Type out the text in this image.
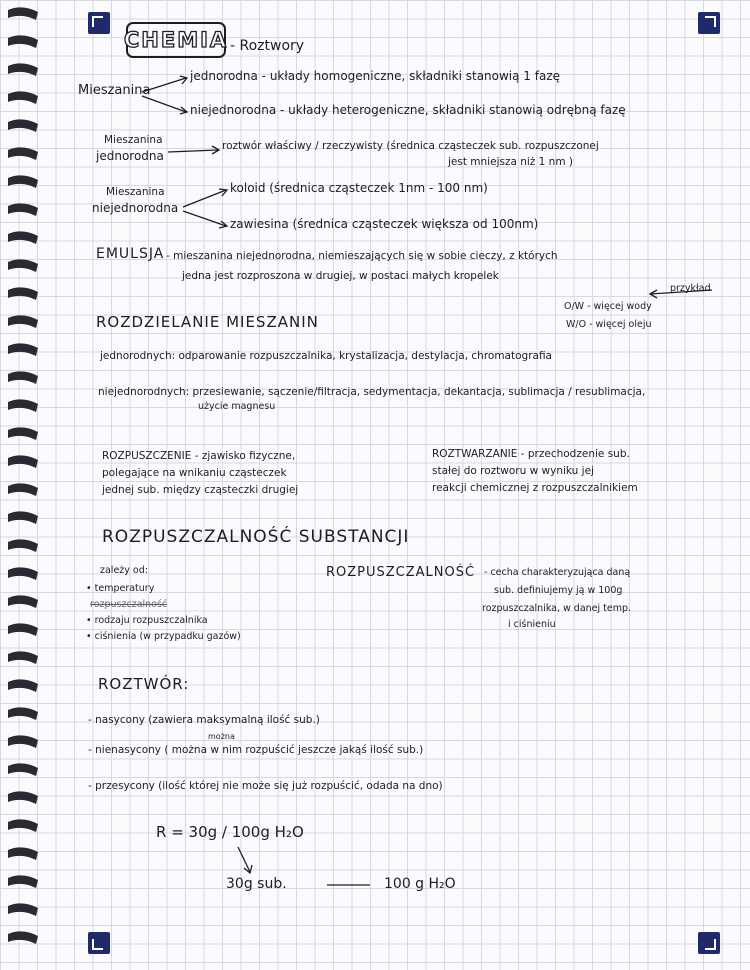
CHEMIA - Roztwory
Mieszanina
jednorodna - układy homogeniczne, składniki stanowią 1 fazę
niejednorodna - układy heterogeniczne, składniki stanowią odrębną fazę
Mieszanina
jednorodna
roztwór właściwy / rzeczywisty (średnica cząsteczek sub. rozpuszczonej
jest mniejsza niż 1 nm )
Mieszanina
niejednorodna
koloid (średnica cząsteczek 1nm - 100 nm)
zawiesina (średnica cząsteczek większa od 100nm)
EMULSJA - mieszanina niejednorodna, niemieszających się w sobie cieczy, z których
jedna jest rozproszona w drugiej, w postaci małych kropelek
przykład
O/W - więcej wody
W/O - więcej oleju
ROZDZIELANIE MIESZANIN
jednorodnych: odparowanie rozpuszczalnika, krystalizacja, destylacja, chromatografia
niejednorodnych: przesiewanie, sączenie/filtracja, sedymentacja, dekantacja, sublimacja / resublimacja,
użycie magnesu
ROZPUSZCZENIE - zjawisko fizyczne,
polegające na wnikaniu cząsteczek
jednej sub. między cząsteczki drugiej
ROZTWARZANIE - przechodzenie sub.
stałej do roztworu w wyniku jej
reakcji chemicznej z rozpuszczalnikiem
ROZPUSZCZALNOŚĆ SUBSTANCJI
zależy od:
• temperatury
rozpuszczalność
• rodzaju rozpuszczalnika
• ciśnienia (w przypadku gazów)
ROZPUSZCZALNOŚĆ - cecha charakteryzująca daną
sub. definiujemy ją w 100g
rozpuszczalnika, w danej temp.
i ciśnieniu
ROZTWÓR:
- nasycony (zawiera maksymalną ilość sub.)
można
- nienasycony ( można w nim rozpuścić jeszcze jakąś ilość sub.)
- przesycony (ilość której nie może się już rozpuścić, odada na dno)
R = 30g / 100g H₂O
30g sub.	100 g H₂O
